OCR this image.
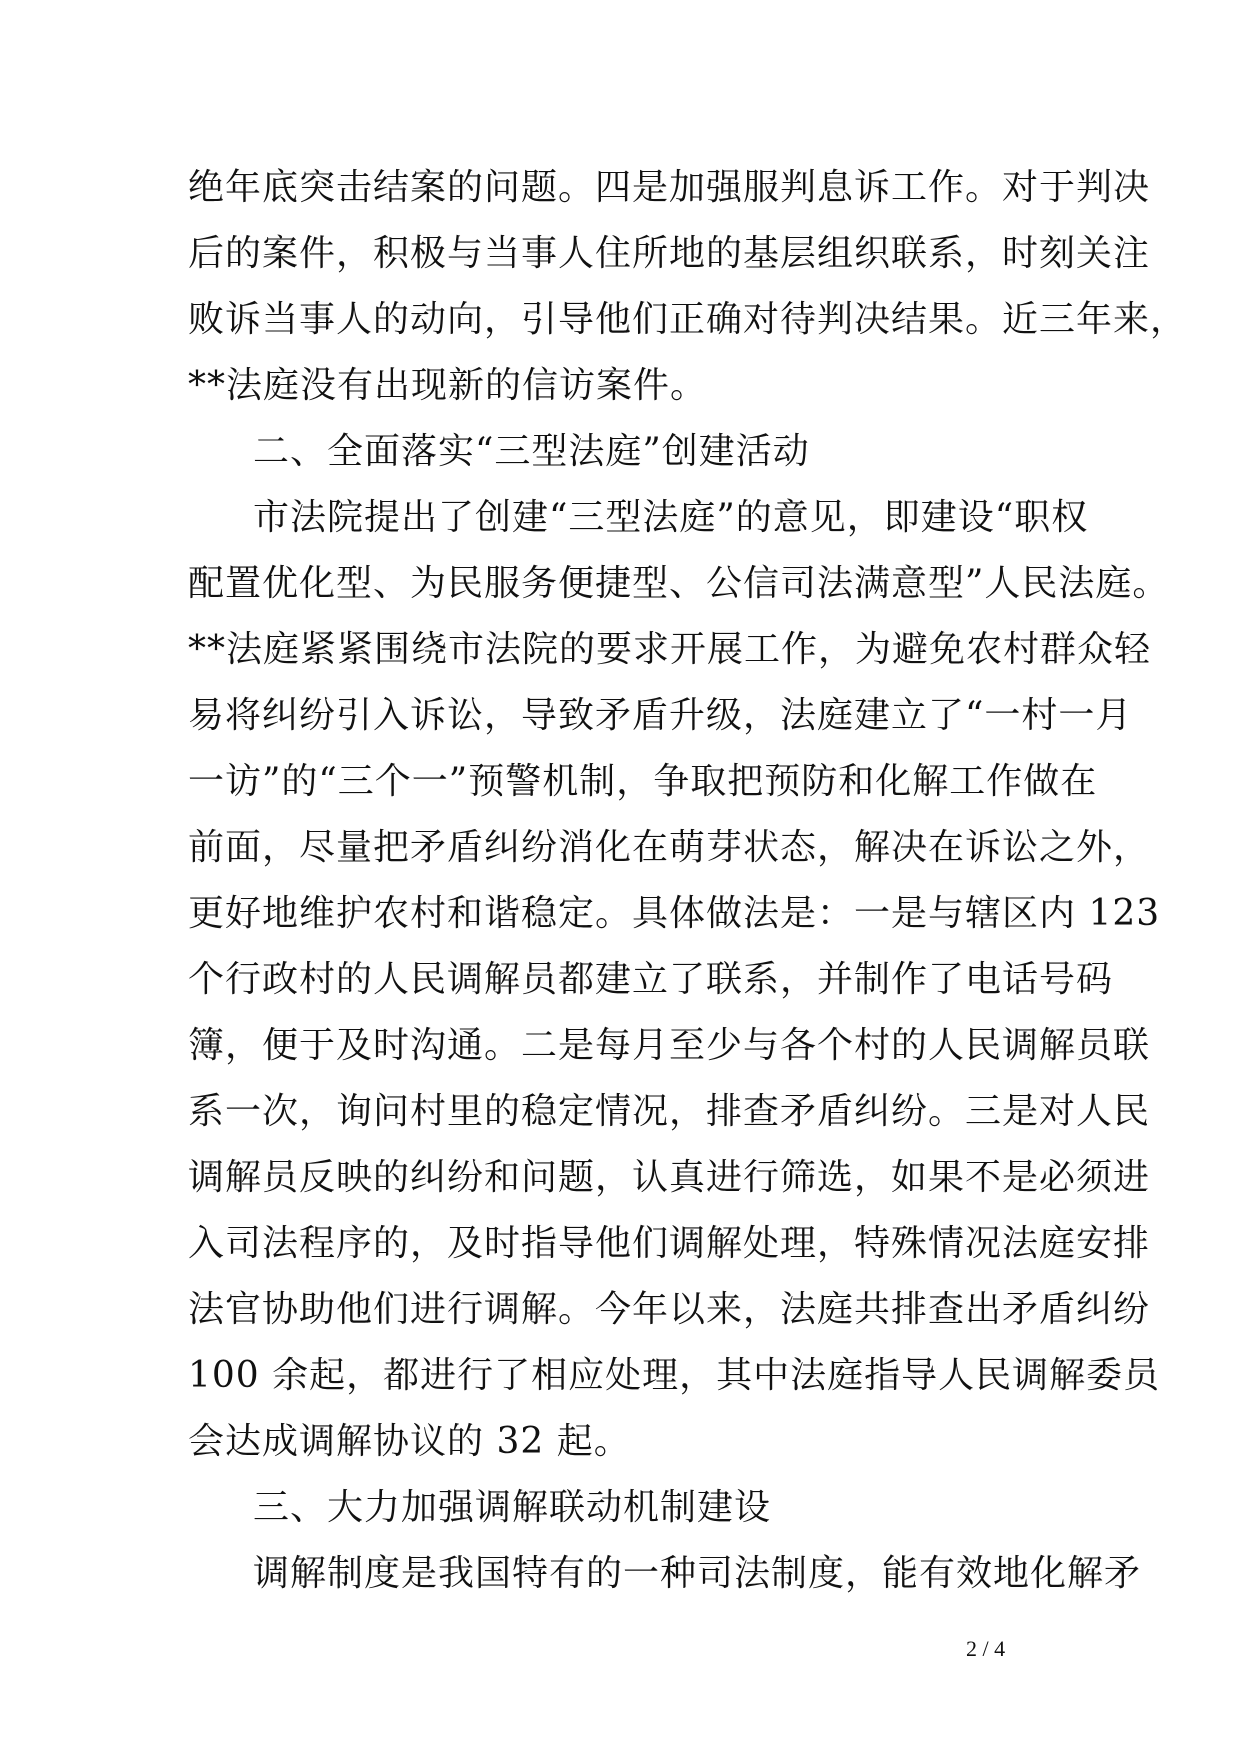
绝年底突击结案的问题。四是加强服判息诉工作。对于判决
后的案件，积极与当事人住所地的基层组织联系，时刻关注
败诉当事人的动向，引导他们正确对待判决结果。近三年来，
**法庭没有出现新的信访案件。
二、全面落实“三型法庭”创建活动
市法院提出了创建“三型法庭”的意见，即建设“职权
配置优化型、为民服务便捷型、公信司法满意型”人民法庭。
**法庭紧紧围绕市法院的要求开展工作，为避免农村群众轻
易将纠纷引入诉讼，导致矛盾升级，法庭建立了“一村一月
一访”的“三个一”预警机制，争取把预防和化解工作做在
前面，尽量把矛盾纠纷消化在萌芽状态，解决在诉讼之外，
更好地维护农村和谐稳定。具体做法是：一是与辖区内 123
个行政村的人民调解员都建立了联系，并制作了电话号码
簿，便于及时沟通。二是每月至少与各个村的人民调解员联
系一次，询问村里的稳定情况，排查矛盾纠纷。三是对人民
调解员反映的纠纷和问题，认真进行筛选，如果不是必须进
入司法程序的，及时指导他们调解处理，特殊情况法庭安排
法官协助他们进行调解。今年以来，法庭共排查出矛盾纠纷
100 余起，都进行了相应处理，其中法庭指导人民调解委员
会达成调解协议的 32 起。
三、大力加强调解联动机制建设
调解制度是我国特有的一种司法制度，能有效地化解矛
2 / 4
